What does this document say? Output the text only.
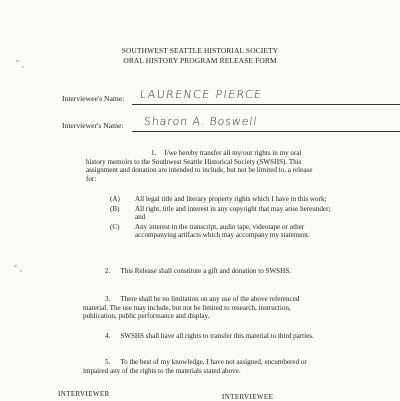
SOUTHWEST SEATTLE HISTORIAL SOCIETY
ORAL HISTORY PROGRAM RELEASE FORM
Interviewee's Name: LAURENCE PIERCE
Interviewer's Name: Sharon A. Boswell
1. I/we hereby transfer all my/our rights in my oral history memoirs to the Southwest Seattle Historical Society (SWSHS). This assignment and donation are intended to include, but not be limited to, a release for:
(A) All legal title and literary property rights which I have in this work;
(B) All right, title and interest in any copyright that may arise hereunder; and
(C) Any interest in the transcript, audio tape, videotape or other accompanying artifacts which may accompany my statement.
2. This Release shall constitute a gift and donation to SWSHS.
3. There shall be no limitation on any use of the above referenced material. The use may include, but not be limited to research, instruction, publication, public performance and display.
4. SWSHS shall have all rights to transfer this material to third parties.
5. To the best of my knowledge, I have not assigned, encumbered or impaired any of the rights to the materials stated above.
INTERVIEWER	INTERVIEWEE
